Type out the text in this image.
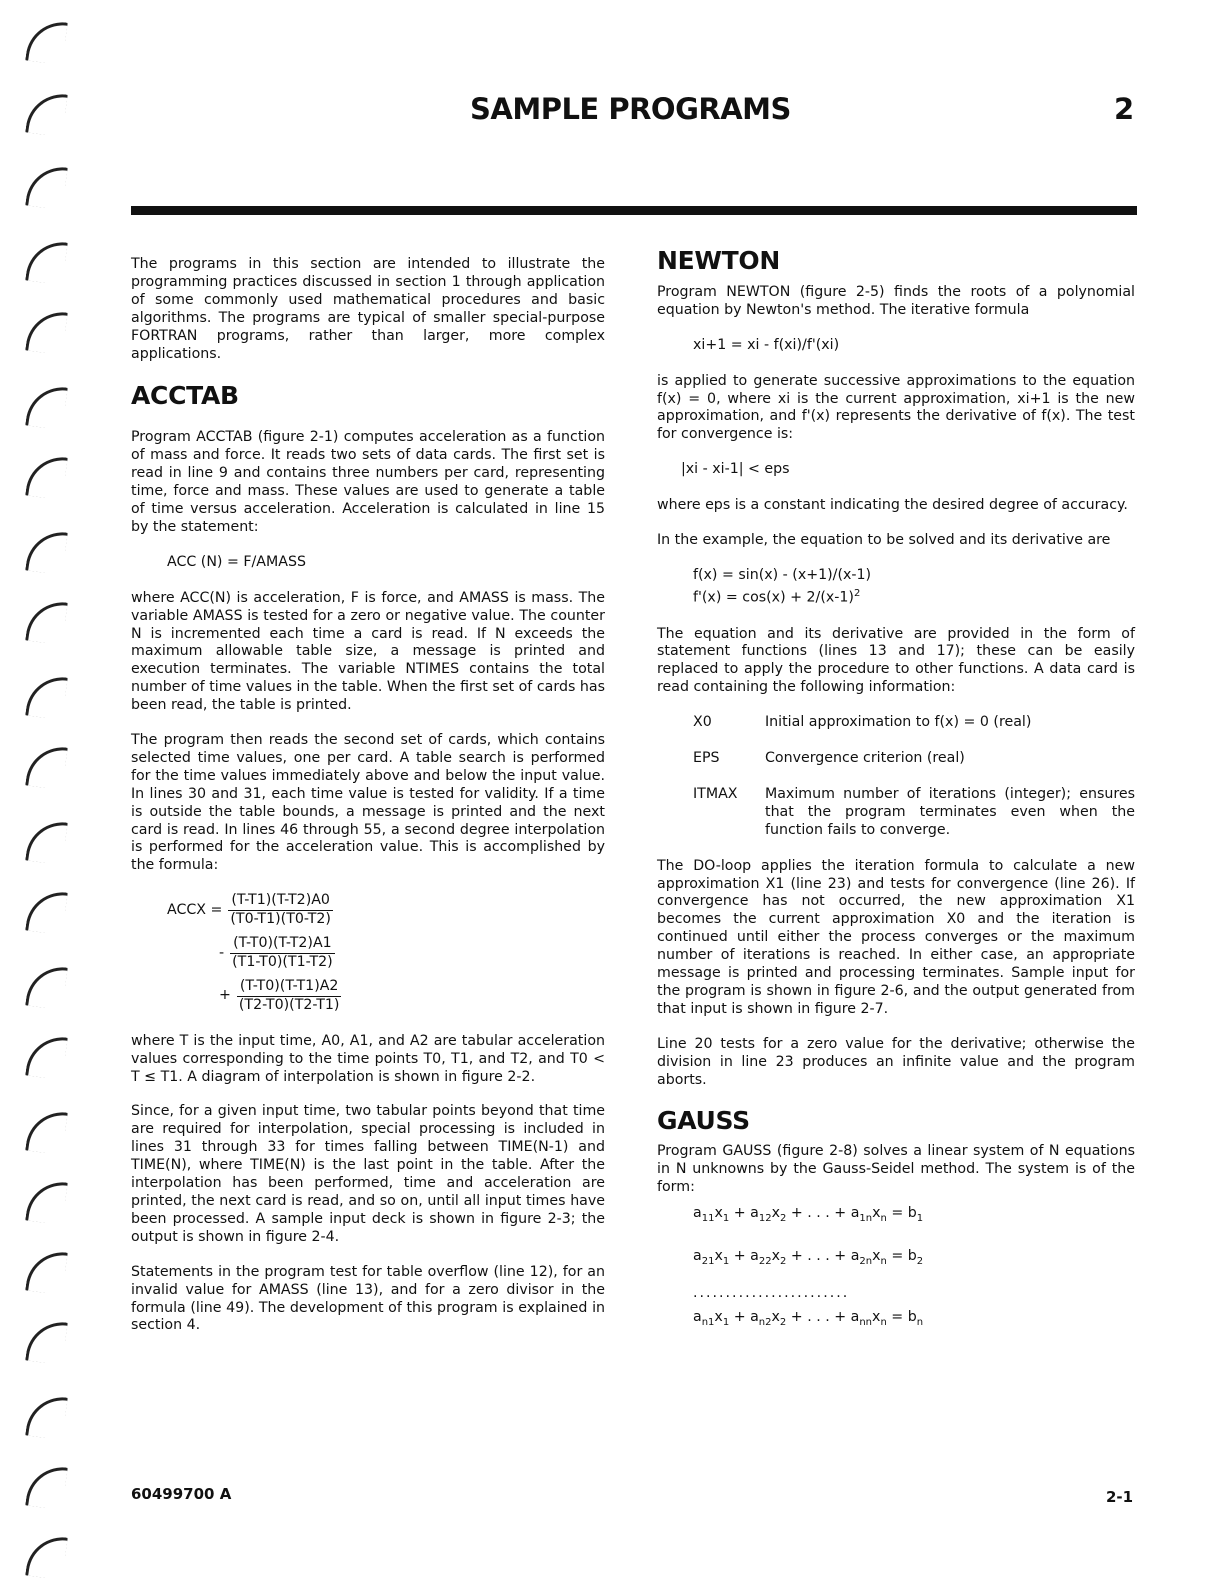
SAMPLE PROGRAMS	2

The programs in this section are intended to illustrate the programming practices discussed in section 1 through application of some commonly used mathematical procedures and basic algorithms. The programs are typical of smaller special-purpose FORTRAN programs, rather than larger, more complex applications.

ACCTAB

Program ACCTAB (figure 2-1) computes acceleration as a function of mass and force. It reads two sets of data cards. The first set is read in line 9 and contains three numbers per card, representing time, force and mass. These values are used to generate a table of time versus acceleration. Acceleration is calculated in line 15 by the statement:

ACC (N) = F/AMASS

where ACC(N) is acceleration, F is force, and AMASS is mass. The variable AMASS is tested for a zero or negative value. The counter N is incremented each time a card is read. If N exceeds the maximum allowable table size, a message is printed and execution terminates. The variable NTIMES contains the total number of time values in the table. When the first set of cards has been read, the table is printed.

The program then reads the second set of cards, which contains selected time values, one per card. A table search is performed for the time values immediately above and below the input value. In lines 30 and 31, each time value is tested for validity. If a time is outside the table bounds, a message is printed and the next card is read. In lines 46 through 55, a second degree interpolation is performed for the acceleration value. This is accomplished by the formula:

ACCX = $\frac{(T-T1)(T-T2)A0}{(T0-T1)(T0-T2)}$
- $\frac{(T-T0)(T-T2)A1}{(T1-T0)(T1-T2)}$
+ $\frac{(T-T0)(T-T1)A2}{(T2-T0)(T2-T1)}$

where T is the input time, A0, A1, and A2 are tabular acceleration values corresponding to the time points T0, T1, and T2, and T0 < T ≤ T1. A diagram of interpolation is shown in figure 2-2.

Since, for a given input time, two tabular points beyond that time are required for interpolation, special processing is included in lines 31 through 33 for times falling between TIME(N-1) and TIME(N), where TIME(N) is the last point in the table. After the interpolation has been performed, time and acceleration are printed, the next card is read, and so on, until all input times have been processed. A sample input deck is shown in figure 2-3; the output is shown in figure 2-4.

Statements in the program test for table overflow (line 12), for an invalid value for AMASS (line 13), and for a zero divisor in the formula (line 49). The development of this program is explained in section 4.

NEWTON

Program NEWTON (figure 2-5) finds the roots of a polynomial equation by Newton's method. The iterative formula

xi+1 = xi - f(xi)/f'(xi)

is applied to generate successive approximations to the equation f(x) = 0, where xi is the current approximation, xi+1 is the new approximation, and f'(x) represents the derivative of f(x). The test for convergence is:

|xi - xi-1| < eps

where eps is a constant indicating the desired degree of accuracy.

In the example, the equation to be solved and its derivative are

f(x) = sin(x) - (x+1)/(x-1)
$f'(x) = \cos(x) + 2/(x-1)^2$

The equation and its derivative are provided in the form of statement functions (lines 13 and 17); these can be easily replaced to apply the procedure to other functions. A data card is read containing the following information:

X0	Initial approximation to f(x) = 0 (real)
EPS	Convergence criterion (real)
ITMAX	Maximum number of iterations (integer); ensures that the program terminates even when the function fails to converge.

The DO-loop applies the iteration formula to calculate a new approximation X1 (line 23) and tests for convergence (line 26). If convergence has not occurred, the new approximation X1 becomes the current approximation X0 and the iteration is continued until either the process converges or the maximum number of iterations is reached. In either case, an appropriate message is printed and processing terminates. Sample input for the program is shown in figure 2-6, and the output generated from that input is shown in figure 2-7.

Line 20 tests for a zero value for the derivative; otherwise the division in line 23 produces an infinite value and the program aborts.

GAUSS

Program GAUSS (figure 2-8) solves a linear system of N equations in N unknowns by the Gauss-Seidel method. The system is of the form:

$a_{11}x_1 + a_{12}x_2$ + . . . + $a_{1n}x_n = b_1$
$a_{21}x_1 + a_{22}x_2$ + . . . + $a_{2n}x_n = b_2$
........................
$a_{n1}x_1 + a_{n2}x_2$ + . . . + $a_{nn}x_n = b_n$
60499700 A	2-1
